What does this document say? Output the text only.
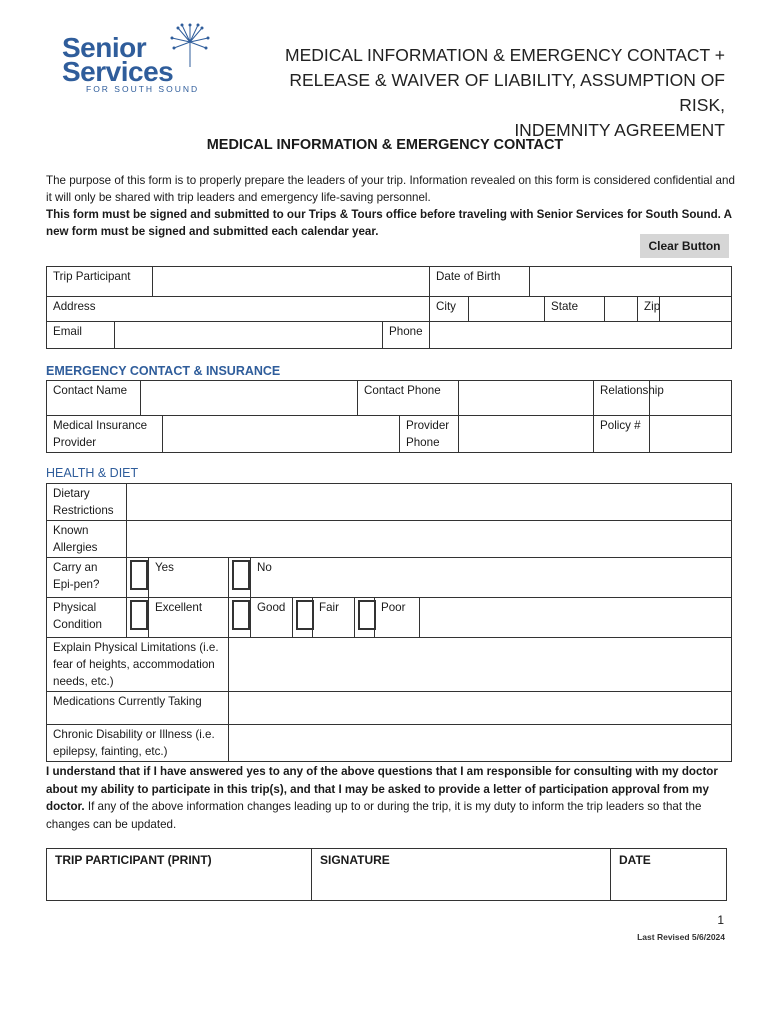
Senior
Services
FOR SOUTH SOUND
MEDICAL INFORMATION & EMERGENCY CONTACT +
RELEASE & WAIVER OF LIABILITY, ASSUMPTION OF RISK,
INDEMNITY AGREEMENT
MEDICAL INFORMATION & EMERGENCY CONTACT
The purpose of this form is to properly prepare the leaders of your trip. Information revealed on this form is considered confidential and it will only be shared with trip leaders and emergency life-saving personnel.
This form must be signed and submitted to our Trips & Tours office before traveling with Senior Services for South Sound. A new form must be signed and submitted each calendar year.
Clear Button
Trip Participant				Date of Birth						
Address				City			State		Zip	
Email			Phone							
EMERGENCY CONTACT & INSURANCE
Contact Name			Contact Phone			Relationship	
Medical Insurance Provider				Provider Phone		Policy #	
HEALTH & DIET
Dietary Restrictions									
Known Allergies									
Carry an Epi-pen?		Yes		No					
Physical Condition		Excellent		Good		Fair		Poor	
Explain Physical Limitations (i.e. fear of heights, accommodation needs, etc.)									
Medications Currently Taking									
Chronic Disability or Illness (i.e. epilepsy, fainting, etc.)									
I understand that if I have answered yes to any of the above questions that I am responsible for consulting with my doctor about my ability to participate in this trip(s), and that I may be asked to provide a letter of participation approval from my doctor. If any of the above information changes leading up to or during the trip, it is my duty to inform the trip leaders so that the changes can be updated.
TRIP PARTICIPANT (PRINT)	SIGNATURE	DATE
1
Last Revised 5/6/2024
